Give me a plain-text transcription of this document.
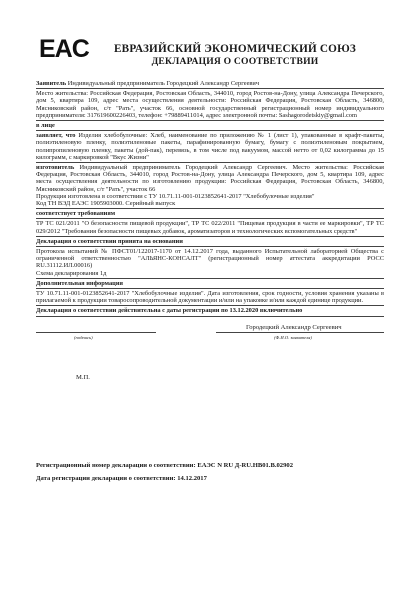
EAC	ЕВРАЗИЙСКИЙ ЭКОНОМИЧЕСКИЙ СОЮЗ
ДЕКЛАРАЦИЯ О СООТВЕТСТВИИ
Заявитель Индивидуальный предприниматель Городецкий Александр Сергеевич
Место жительства: Российская Федерация, Ростовская Область, 344010, город Ростов-на-Дону, улица Александра Печерского, дом 5, квартира 109, адрес места осуществления деятельности: Российская Федерация, Ростовская Область, 346800, Мясниковский район, с/т "Рать", участок 66, основной государственный регистрационный номер индивидуального предпринимателя: 317619600226403, телефон: +79889411014, адрес электронной почты: Sashagorodetskiy@gmail.com
в лице
заявляет, что Изделия хлебобулочные: Хлеб, наименование по приложению № 1 (лист 1), упакованные в крафт-пакеты, полиэтиленовую пленку, полиэтиленовые пакеты, парафинированную бумагу, бумагу с полиэтиленовым покрытием, полипропиленовую пленку, пакеты (дой-пак), перевязь, в том числе под вакуумом, массой нетто от 0,02 килограмма до 15 килограмм, с маркировкой "Вкус Жизни"
изготовитель Индивидуальный предприниматель Городецкий Александр Сергеевич. Место жительства: Российская Федерация, Ростовская Область, 344010, город Ростов-на-Дону, улица Александра Печерского, дом 5, квартира 109, адрес места осуществления деятельности по изготовлению продукции: Российская Федерация, Ростовская Область, 346800, Мясниковский район, с/т "Рать", участок 66
Продукция изготовлена в соответствии с ТУ 10.71.11-001-0123852641-2017 "Хлебобулочные изделия"
Код ТН ВЭД ЕАЭС 1905903000. Серийный выпуск
соответствует требованиям
ТР ТС 021/2011 "О безопасности пищевой продукции", ТР ТС 022/2011 "Пищевая продукция в части ее маркировки", ТР ТС 029/2012 "Требования безопасности пищевых добавок, ароматизаторов и технологических вспомогательных средств"
Декларация о соответствии принята на основании
Протокола испытаний № ПФСТ01/122017-1170 от 14.12.2017 года, выданного Испытательной лабораторией Общества с ограниченной ответственностью "АЛЬЯНС-КОНСАЛТ" (регистрационный номер аттестата аккредитации РОСС RU.31112.ИЛ.00016)
Схема декларирования 1д
Дополнительная информация
ТУ 10.71.11-001-0123852641-2017 "Хлебобулочные изделия". Дата изготовления, срок годности, условия хранения указаны в прилагаемой к продукции товаросопроводительной документации и/или на упаковке и/или каждой единице продукции.
Декларация о соответствии действительна с даты регистрации по 13.12.2020 включительно
Городецкий Александр Сергеевич
(подпись)	(Ф.И.О. заявителя)
М.П.
Регистрационный номер декларации о соответствии: ЕАЭС N RU Д-RU.НВ01.В.02902
Дата регистрации декларации о соответствии: 14.12.2017
